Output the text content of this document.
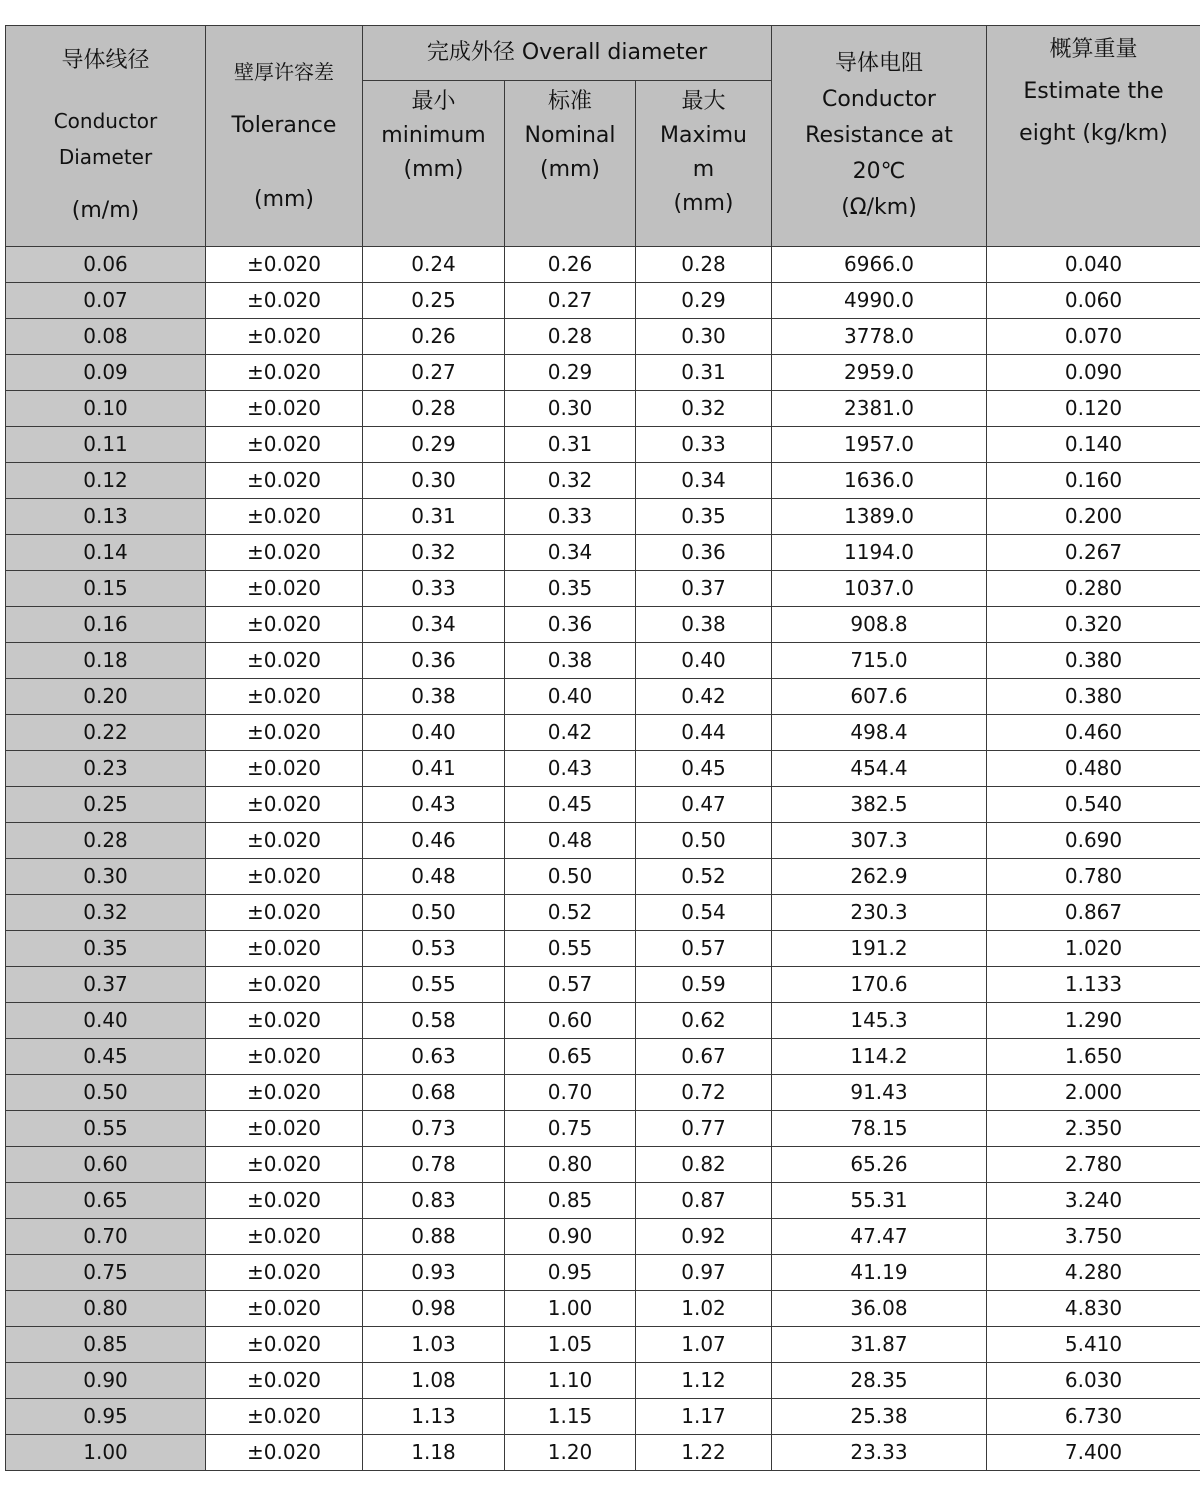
导体线径
Conductor
Diameter
(m/m)	壁厚许容差
Tolerance
(mm)	完成外径 Overall diameter			导体电阻
Conductor
Resistance at
20℃
(Ω/km)	概算重量
Estimate the
eight (kg/km)

		最小
minimum
(mm)	标准
Nominal
(mm)	最大
Maximu
m
(mm)		

0.06	±0.020	0.24	0.26	0.28	6966.0	0.040
0.07	±0.020	0.25	0.27	0.29	4990.0	0.060
0.08	±0.020	0.26	0.28	0.30	3778.0	0.070
0.09	±0.020	0.27	0.29	0.31	2959.0	0.090
0.10	±0.020	0.28	0.30	0.32	2381.0	0.120
0.11	±0.020	0.29	0.31	0.33	1957.0	0.140
0.12	±0.020	0.30	0.32	0.34	1636.0	0.160
0.13	±0.020	0.31	0.33	0.35	1389.0	0.200
0.14	±0.020	0.32	0.34	0.36	1194.0	0.267
0.15	±0.020	0.33	0.35	0.37	1037.0	0.280
0.16	±0.020	0.34	0.36	0.38	908.8	0.320
0.18	±0.020	0.36	0.38	0.40	715.0	0.380
0.20	±0.020	0.38	0.40	0.42	607.6	0.380
0.22	±0.020	0.40	0.42	0.44	498.4	0.460
0.23	±0.020	0.41	0.43	0.45	454.4	0.480
0.25	±0.020	0.43	0.45	0.47	382.5	0.540
0.28	±0.020	0.46	0.48	0.50	307.3	0.690
0.30	±0.020	0.48	0.50	0.52	262.9	0.780
0.32	±0.020	0.50	0.52	0.54	230.3	0.867
0.35	±0.020	0.53	0.55	0.57	191.2	1.020
0.37	±0.020	0.55	0.57	0.59	170.6	1.133
0.40	±0.020	0.58	0.60	0.62	145.3	1.290
0.45	±0.020	0.63	0.65	0.67	114.2	1.650
0.50	±0.020	0.68	0.70	0.72	91.43	2.000
0.55	±0.020	0.73	0.75	0.77	78.15	2.350
0.60	±0.020	0.78	0.80	0.82	65.26	2.780
0.65	±0.020	0.83	0.85	0.87	55.31	3.240
0.70	±0.020	0.88	0.90	0.92	47.47	3.750
0.75	±0.020	0.93	0.95	0.97	41.19	4.280
0.80	±0.020	0.98	1.00	1.02	36.08	4.830
0.85	±0.020	1.03	1.05	1.07	31.87	5.410
0.90	±0.020	1.08	1.10	1.12	28.35	6.030
0.95	±0.020	1.13	1.15	1.17	25.38	6.730
1.00	±0.020	1.18	1.20	1.22	23.33	7.400
